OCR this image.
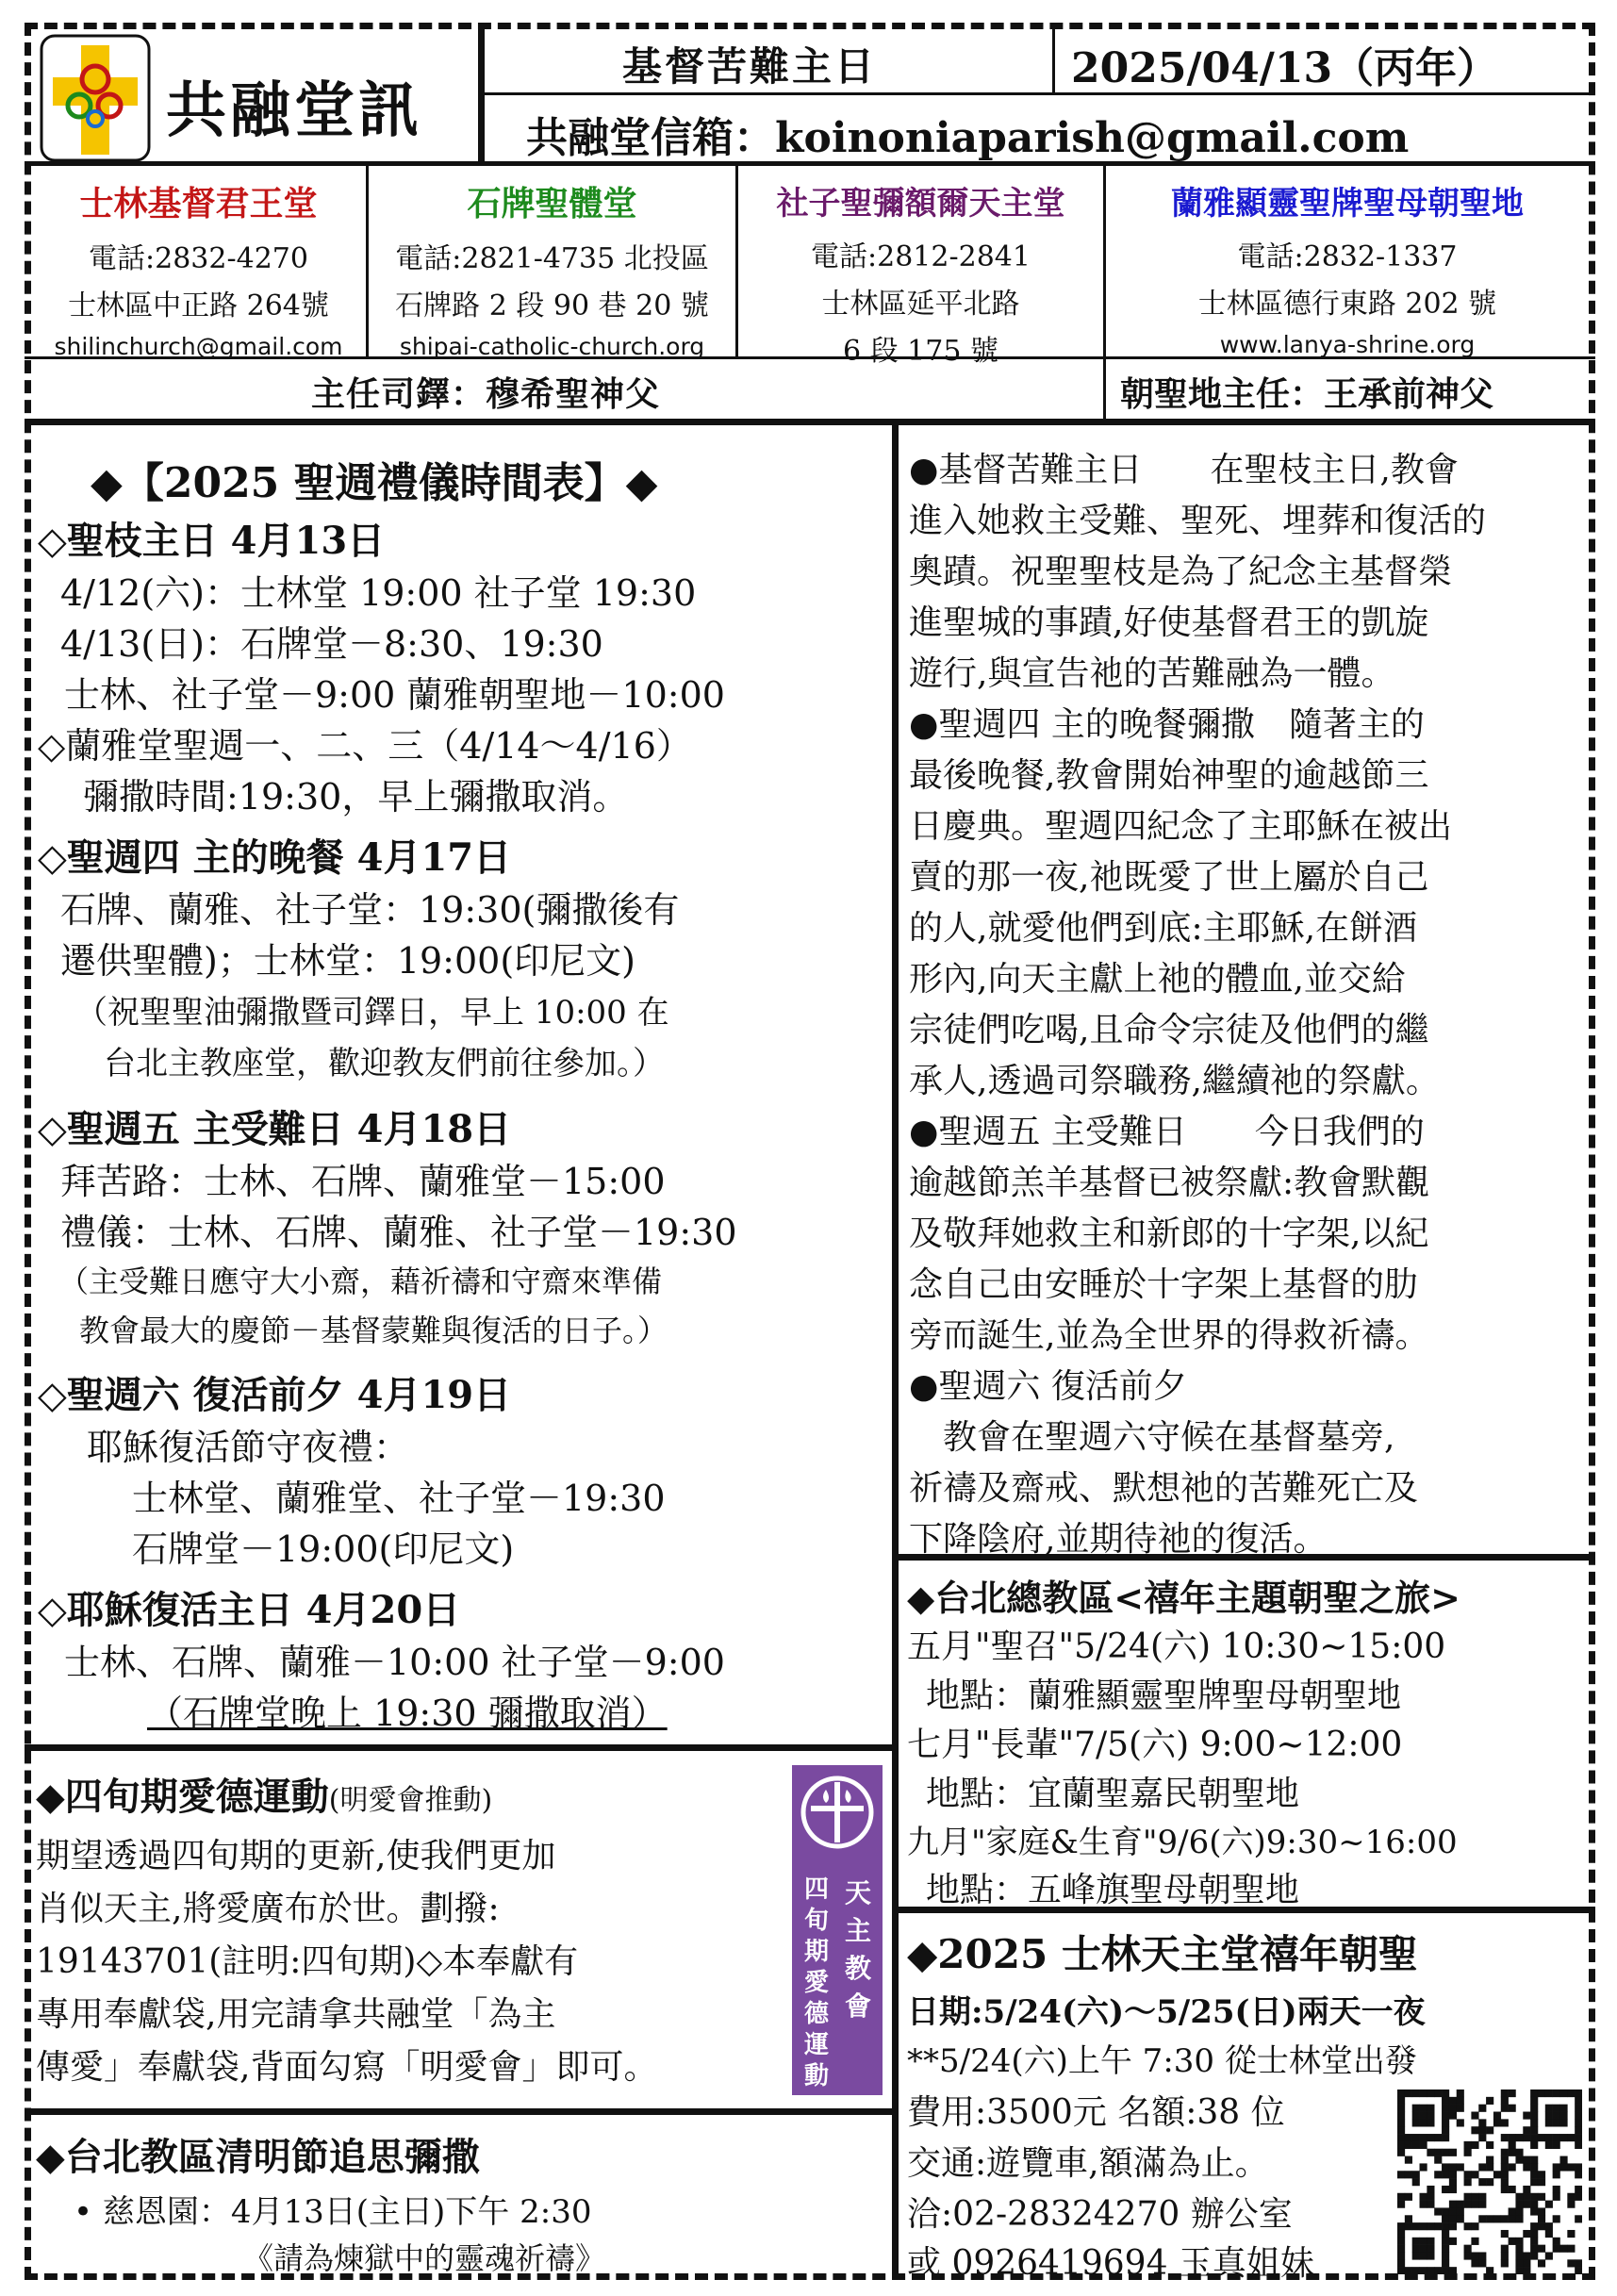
共融堂訊
基督苦難主日	2025/04/13（丙年）
共融堂信箱：koinoniaparish@gmail.com
士林基督君王堂
電話:2832-4270
士林區中正路 264號
shilinchurch@gmail.com
石牌聖體堂
電話:2821-4735 北投區
石牌路 2 段 90 巷 20 號
shipai-catholic-church.org
社子聖彌額爾天主堂
電話:2812-2841
士林區延平北路
6 段 175 號
蘭雅顯靈聖牌聖母朝聖地
電話:2832-1337
士林區德行東路 202 號
www.lanya-shrine.org
主任司鐸：穆希聖神父	朝聖地主任：王承前神父
◆【2025 聖週禮儀時間表】◆
◇聖枝主日 4月13日
4/12(六)：士林堂 19:00 社子堂 19:30
4/13(日)：石牌堂－8:30、19:30
士林、社子堂－9:00 蘭雅朝聖地－10:00
◇蘭雅堂聖週一、二、三（4/14～4/16）
彌撒時間:19:30，早上彌撒取消。
◇聖週四 主的晚餐 4月17日
石牌、蘭雅、社子堂：19:30(彌撒後有
遷供聖體)；士林堂：19:00(印尼文)
（祝聖聖油彌撒暨司鐸日，早上 10:00 在
台北主教座堂，歡迎教友們前往參加。）
◇聖週五 主受難日 4月18日
拜苦路：士林、石牌、蘭雅堂－15:00
禮儀：士林、石牌、蘭雅、社子堂－19:30
（主受難日應守大小齋，藉祈禱和守齋來準備
教會最大的慶節－基督蒙難與復活的日子。）
◇聖週六 復活前夕 4月19日
耶穌復活節守夜禮：
士林堂、蘭雅堂、社子堂－19:30
石牌堂－19:00(印尼文)
◇耶穌復活主日 4月20日
士林、石牌、蘭雅－10:00 社子堂－9:00
（石牌堂晚上 19:30 彌撒取消）
●基督苦難主日　　在聖枝主日,教會
進入她救主受難、聖死、埋葬和復活的
奧蹟。祝聖聖枝是為了紀念主基督榮
進聖城的事蹟,好使基督君王的凱旋
遊行,與宣告祂的苦難融為一體。
●聖週四 主的晚餐彌撒　隨著主的
最後晚餐,教會開始神聖的逾越節三
日慶典。聖週四紀念了主耶穌在被出
賣的那一夜,祂既愛了世上屬於自己
的人,就愛他們到底:主耶穌,在餅酒
形內,向天主獻上祂的體血,並交給
宗徒們吃喝,且命令宗徒及他們的繼
承人,透過司祭職務,繼續祂的祭獻。
●聖週五 主受難日　　今日我們的
逾越節羔羊基督已被祭獻:教會默觀
及敬拜她救主和新郎的十字架,以紀
念自己由安睡於十字架上基督的肋
旁而誕生,並為全世界的得救祈禱。
●聖週六 復活前夕
　教會在聖週六守候在基督墓旁,
祈禱及齋戒、默想祂的苦難死亡及
下降陰府,並期待祂的復活。
◆台北總教區<禧年主題朝聖之旅>
五月"聖召"5/24(六) 10:30~15:00
地點：蘭雅顯靈聖牌聖母朝聖地
七月"長輩"7/5(六) 9:00~12:00
地點：宜蘭聖嘉民朝聖地
九月"家庭&生育"9/6(六)9:30~16:00
地點：五峰旗聖母朝聖地
◆四旬期愛德運動(明愛會推動)
期望透過四旬期的更新,使我們更加
肖似天主,將愛廣布於世。劃撥:
19143701(註明:四旬期)◇本奉獻有
專用奉獻袋,用完請拿共融堂「為主
傳愛」奉獻袋,背面勾寫「明愛會」即可。
天主教會
四旬期愛德運動
◆台北教區清明節追思彌撒
• 慈恩園：4月13日(主日)下午 2:30
《請為煉獄中的靈魂祈禱》
◆2025 士林天主堂禧年朝聖
日期:5/24(六)～5/25(日)兩天一夜
**5/24(六)上午 7:30 從士林堂出發
費用:3500元 名額:38 位
交通:遊覽車,額滿為止。
洽:02-28324270 辦公室
或 0926419694 玉真姐妹
